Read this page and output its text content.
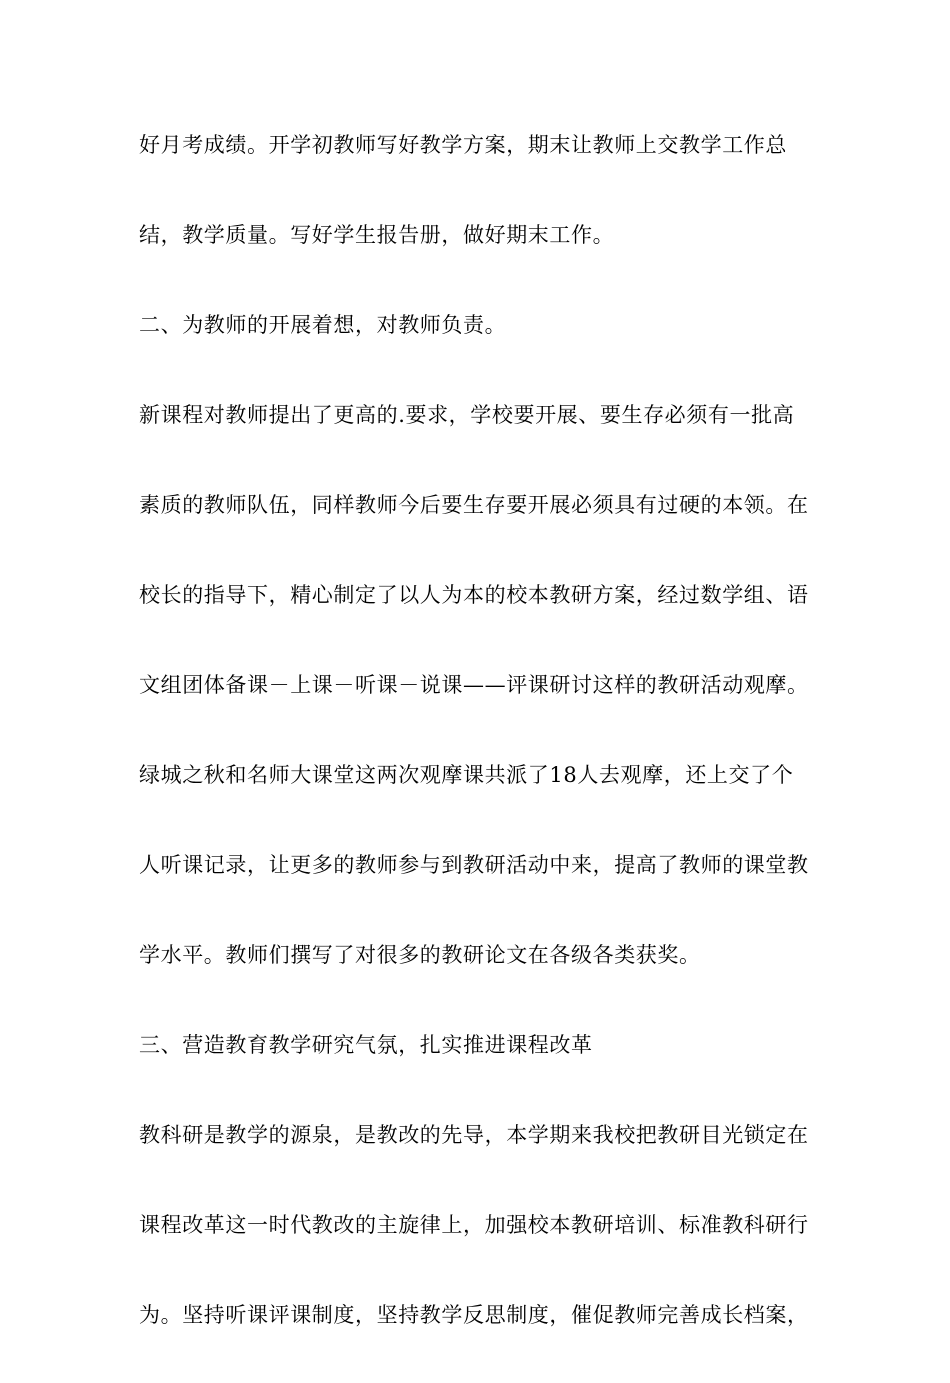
好月考成绩。开学初教师写好教学方案，期末让教师上交教学工作总

结，教学质量。写好学生报告册，做好期末工作。

二、为教师的开展着想，对教师负责。

新课程对教师提出了更高的.要求，学校要开展、要生存必须有一批高

素质的教师队伍，同样教师今后要生存要开展必须具有过硬的本领。在

校长的指导下，精心制定了以人为本的校本教研方案，经过数学组、语

文组团体备课－上课－听课－说课——评课研讨这样的教研活动观摩。

绿城之秋和名师大课堂这两次观摩课共派了18人去观摩，还上交了个

人听课记录，让更多的教师参与到教研活动中来，提高了教师的课堂教

学水平。教师们撰写了对很多的教研论文在各级各类获奖。

三、营造教育教学研究气氛，扎实推进课程改革

教科研是教学的源泉，是教改的先导，本学期来我校把教研目光锁定在

课程改革这一时代教改的主旋律上，加强校本教研培训、标准教科研行

为。坚持听课评课制度，坚持教学反思制度，催促教师完善成长档案，
